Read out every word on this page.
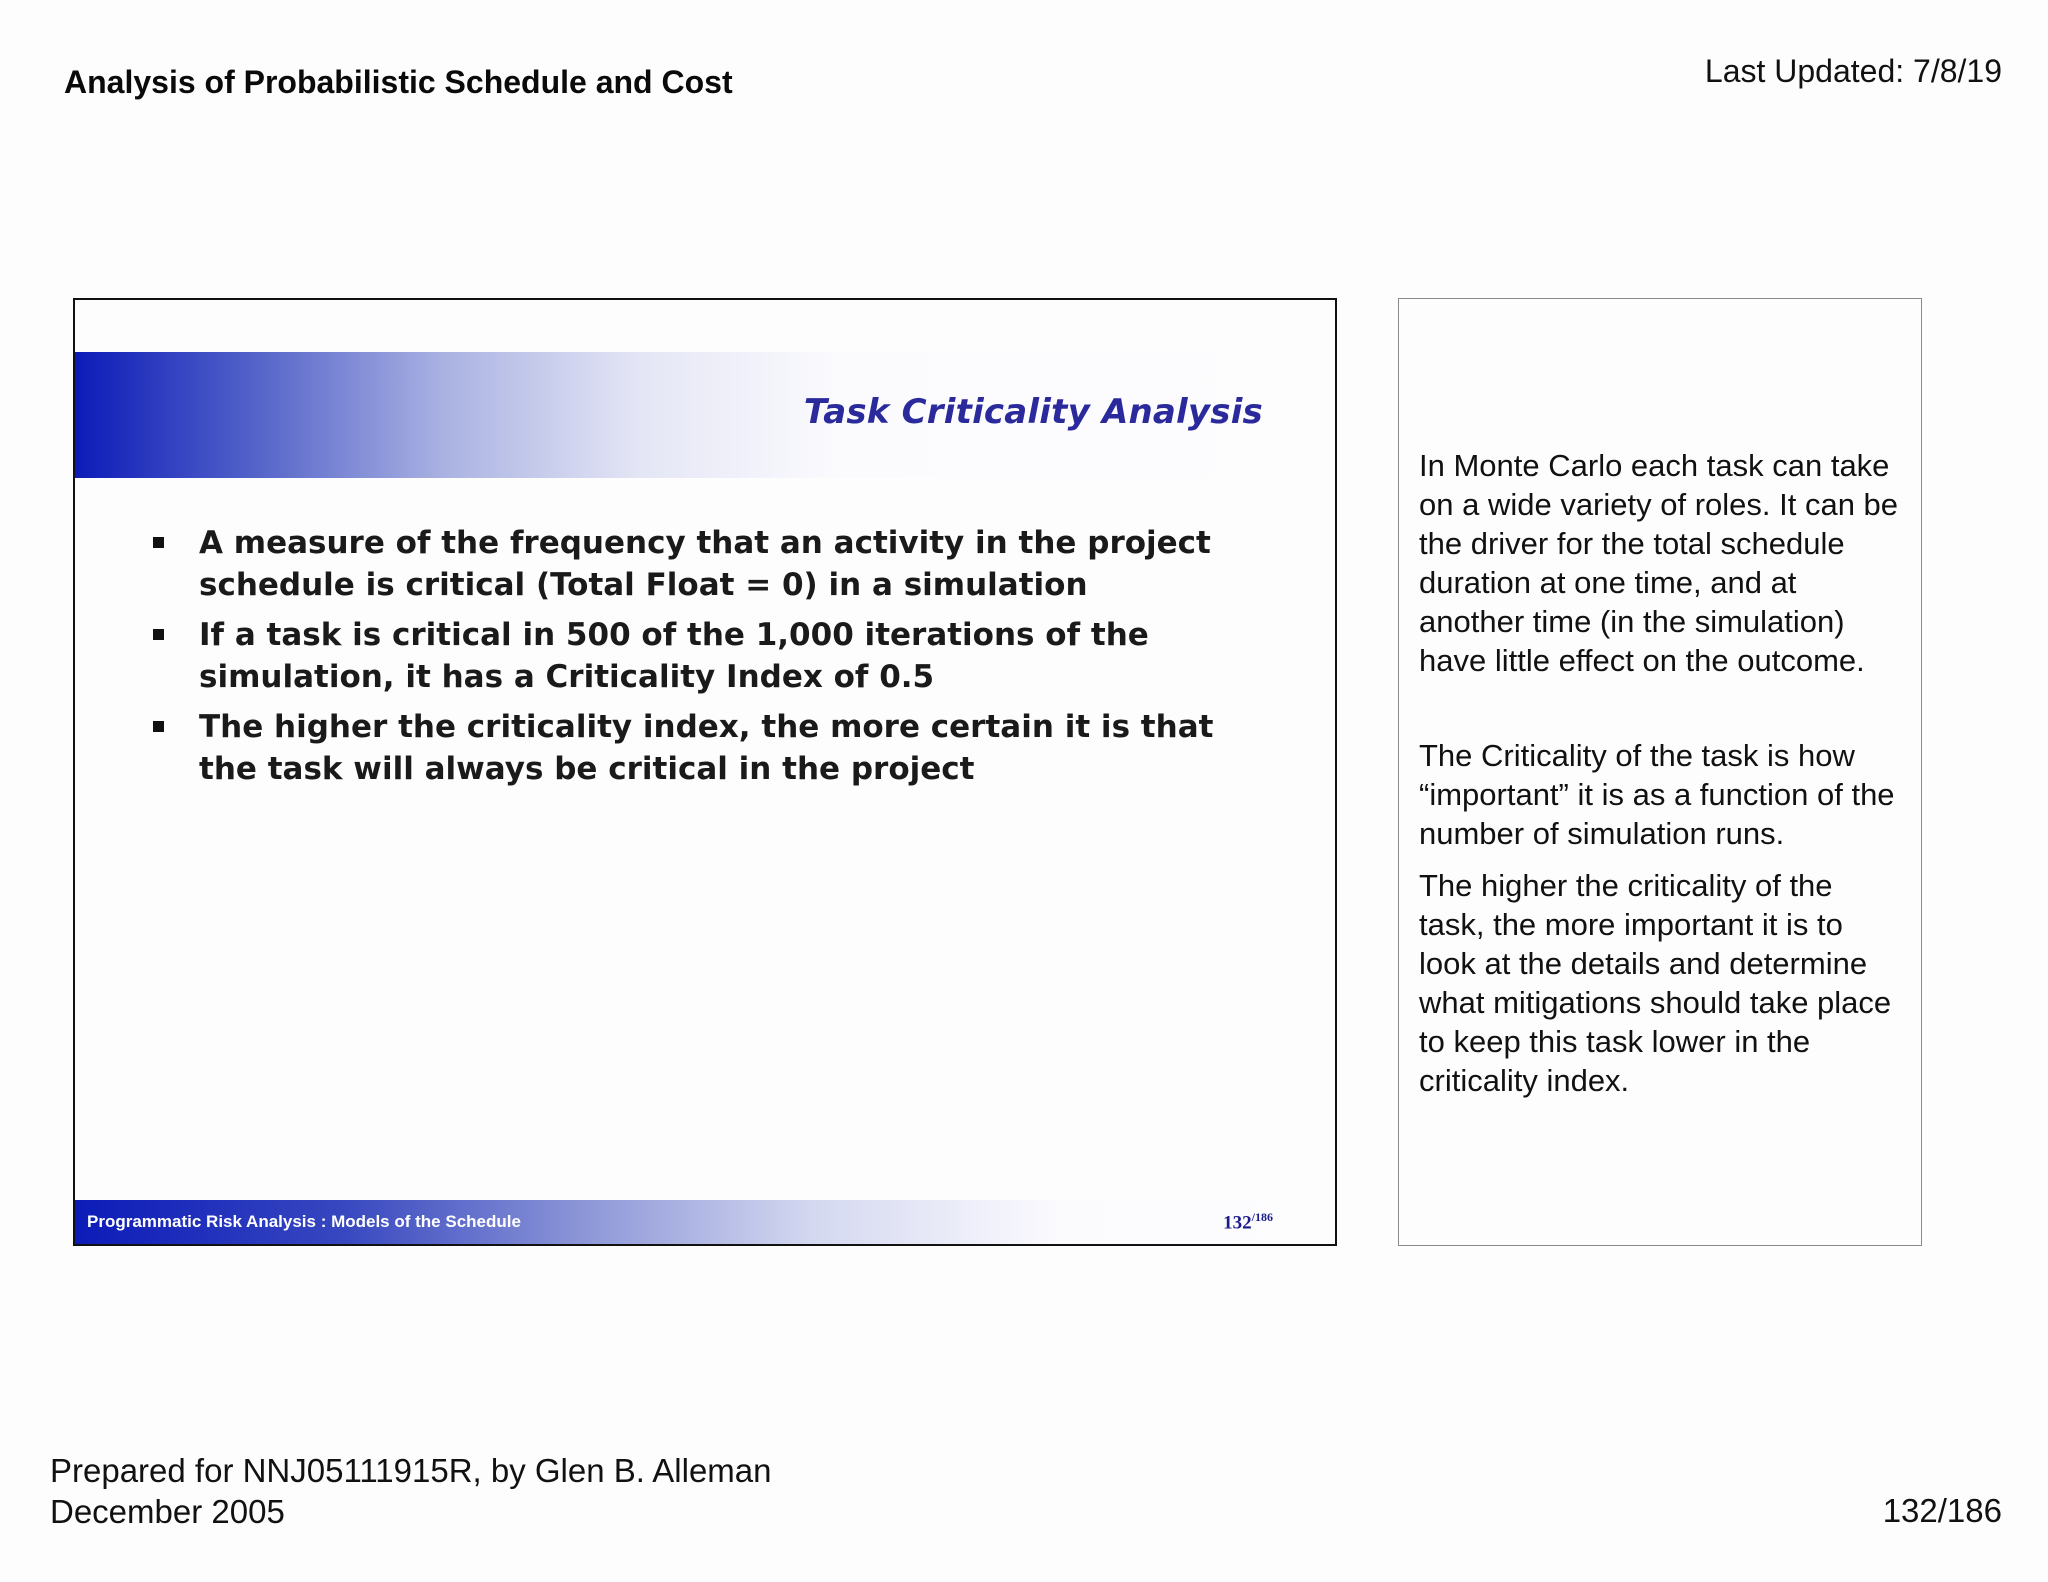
Analysis of Probabilistic Schedule and Cost	Last Updated: 7/8/19
Task Criticality Analysis
A measure of the frequency that an activity in the project schedule is critical (Total Float = 0) in a simulation
If a task is critical in 500 of the 1,000 iterations of the simulation, it has a Criticality Index of 0.5
The higher the criticality index, the more certain it is that the task will always be critical in the project
Programmatic Risk Analysis : Models of the Schedule	$132^{/186}$

In Monte Carlo each task can take on a wide variety of roles. It can be the driver for the total schedule duration at one time, and at another time (in the simulation) have little effect on the outcome.

The Criticality of the task is how “important” it is as a function of the number of simulation runs.

The higher the criticality of the task, the more important it is to look at the details and determine what mitigations should take place to keep this task lower in the criticality index.

Prepared for NNJ05111915R, by Glen B. Alleman
December 2005	132/186
